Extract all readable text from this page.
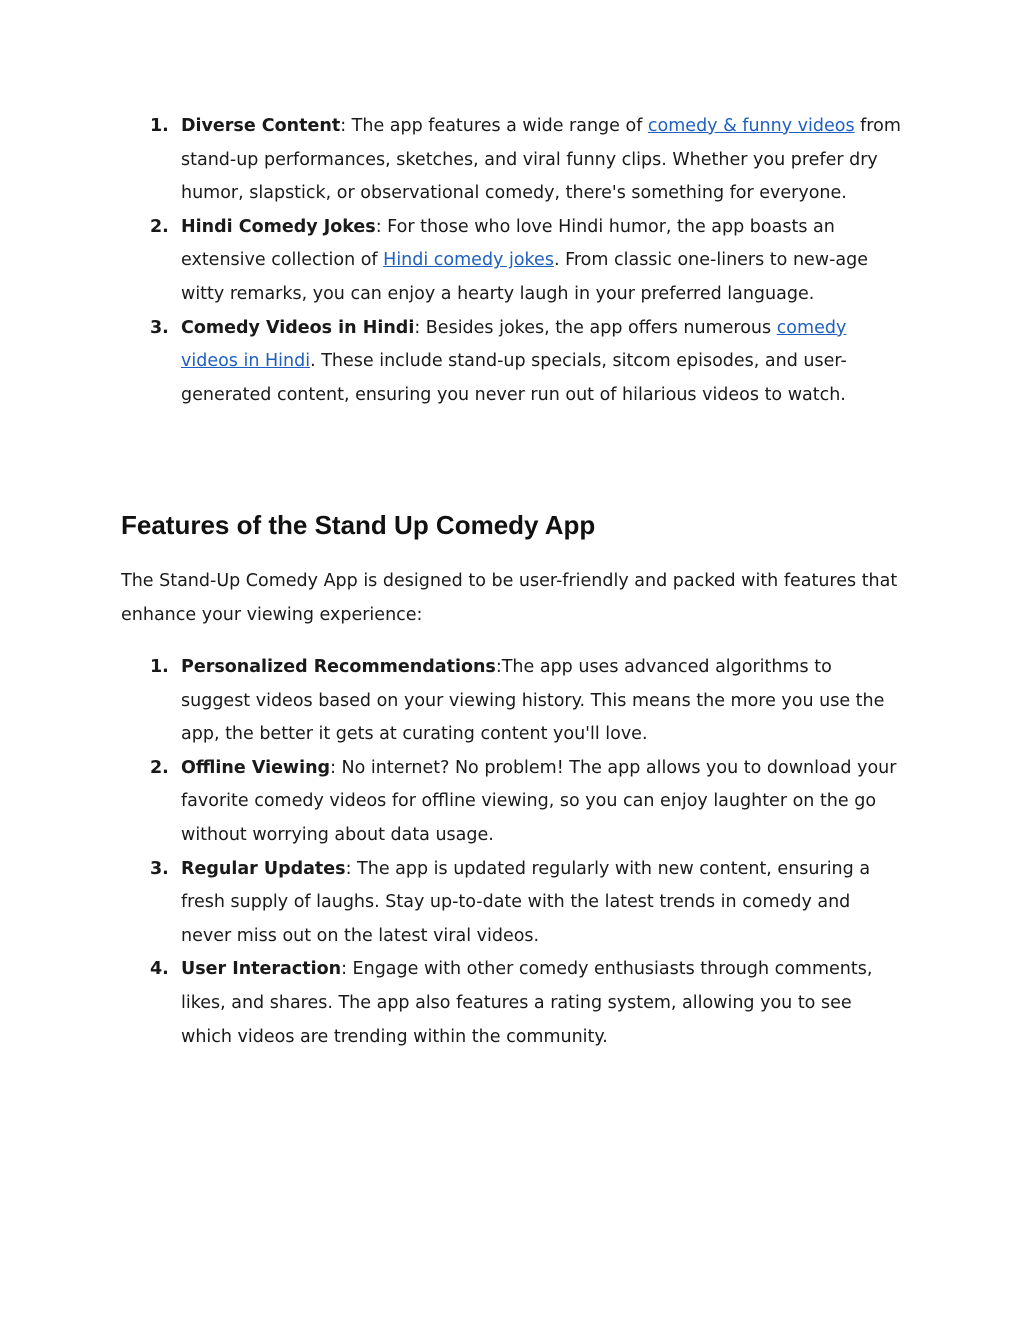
1. Diverse Content: The app features a wide range of comedy & funny videos from stand-up performances, sketches, and viral funny clips. Whether you prefer dry humor, slapstick, or observational comedy, there's something for everyone.
2. Hindi Comedy Jokes: For those who love Hindi humor, the app boasts an extensive collection of Hindi comedy jokes. From classic one-liners to new-age witty remarks, you can enjoy a hearty laugh in your preferred language.
3. Comedy Videos in Hindi: Besides jokes, the app offers numerous comedy videos in Hindi. These include stand-up specials, sitcom episodes, and user-generated content, ensuring you never run out of hilarious videos to watch.
Features of the Stand Up Comedy App

The Stand-Up Comedy App is designed to be user-friendly and packed with features that enhance your viewing experience:

1. Personalized Recommendations:The app uses advanced algorithms to suggest videos based on your viewing history. This means the more you use the app, the better it gets at curating content you'll love.
2. Offline Viewing: No internet? No problem! The app allows you to download your favorite comedy videos for offline viewing, so you can enjoy laughter on the go without worrying about data usage.
3. Regular Updates: The app is updated regularly with new content, ensuring a fresh supply of laughs. Stay up-to-date with the latest trends in comedy and never miss out on the latest viral videos.
4. User Interaction: Engage with other comedy enthusiasts through comments, likes, and shares. The app also features a rating system, allowing you to see which videos are trending within the community.
